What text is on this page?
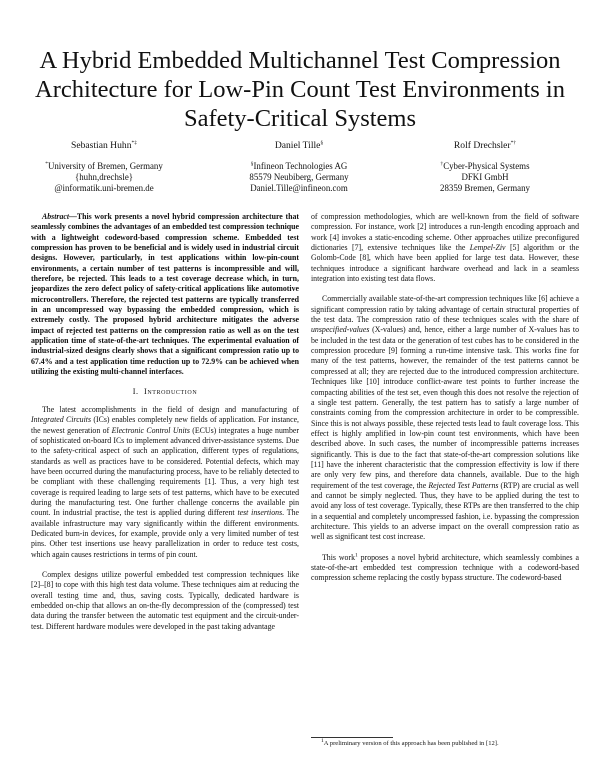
A Hybrid Embedded Multichannel Test Compression Architecture for Low-Pin Count Test Environments in Safety-Critical Systems
Sebastian Huhn*‡
*University of Bremen, Germany
{huhn,drechsle}
@informatik.uni-bremen.de
Daniel Tille§
§Infineon Technologies AG
85579 Neubiberg, Germany
Daniel.Tille@infineon.com
Rolf Drechsler*†
†Cyber-Physical Systems
DFKI GmbH
28359 Bremen, Germany

Abstract—This work presents a novel hybrid compression architecture that seamlessly combines the advantages of an embedded test compression technique with a lightweight codeword-based compression scheme. Embedded test compression has proven to be beneficial and is widely used in industrial circuit designs. However, particularly, in test applications within low-pin-count environments, a certain number of test patterns is incompressible and will, therefore, be rejected. This leads to a test coverage decrease which, in turn, jeopardizes the zero defect policy of safety-critical applications like automotive microcontrollers. Therefore, the rejected test patterns are typically transferred in an uncompressed way bypassing the embedded compression, which is extremely costly. The proposed hybrid architecture mitigates the adverse impact of rejected test patterns on the compression ratio as well as on the test application time of state-of-the-art techniques. The experimental evaluation of industrial-sized designs clearly shows that a significant compression ratio up to 67.4% and a test application time reduction up to 72.9% can be achieved when utilizing the existing multi-channel interfaces.

I. Introduction

The latest accomplishments in the field of design and manufacturing of Integrated Circuits (ICs) enables completely new fields of application. For instance, the newest generation of Electronic Control Units (ECUs) integrates a huge number of sophisticated on-board ICs to implement advanced driver-assistance systems. Due to the safety-critical aspect of such an application, different types of regulations, standards as well as practices have to be considered. Potential defects, which may have been occurred during the manufacturing process, have to be reliably detected to be compliant with these challenging requirements [1]. Thus, a very high test coverage is required leading to large sets of test patterns, which have to be executed during the manufacturing test. One further challenge concerns the available pin count. In industrial practise, the test is applied during different test insertions. The available infrastructure may vary significantly within the different environments. Dedicated burn-in devices, for example, provide only a very limited number of test pins. Other test insertions use heavy parallelization in order to reduce test costs, which again causes restrictions in terms of pin count.

Complex designs utilize powerful embedded test compression techniques like [2]–[8] to cope with this high test data volume. These techniques aim at reducing the overall testing time and, thus, saving costs. Typically, dedicated hardware is embedded on-chip that allows an on-the-fly decompression of the (compressed) test data during the transfer between the automatic test equipment and the circuit-under-test. Different hardware modules were developed in the past taking advantage

of compression methodologies, which are well-known from the field of software compression. For instance, work [2] introduces a run-length encoding approach and work [4] invokes a static-encoding scheme. Other approaches utilize preconfigured dictionaries [7], extensive techniques like the Lempel-Ziv [5] algorithm or the Golomb-Code [8], which have been applied for large test data. However, these techniques introduce a significant hardware overhead and lack in a seamless integration into existing test data flows.

Commercially available state-of-the-art compression techniques like [6] achieve a significant compression ratio by taking advantage of certain structural properties of the test data. The compression ratio of these techniques scales with the share of unspecified-values (X-values) and, hence, either a large number of X-values has to be included in the test data or the generation of test cubes has to be considered in the compression procedure [9] forming a run-time intensive task. This works fine for many of the test patterns, however, the remainder of the test patterns cannot be compressed at all; they are rejected due to the introduced compression architecture. Techniques like [10] introduce conflict-aware test points to further increase the compacting abilities of the test set, even though this does not resolve the rejection of a single test pattern. Generally, the test pattern has to satisfy a large number of constraints coming from the compression architecture in order to be compressible. Since this is not always possible, these rejected tests lead to fault coverage loss. This effect is highly amplified in low-pin count test environments, which have been described above. In such cases, the number of incompressible patterns increases significantly. This is due to the fact that state-of-the-art compression solutions like [11] have the inherent characteristic that the compression effectivity is low if there are only very few pins, and therefore data channels, available. Due to the high requirement of the test coverage, the Rejected Test Patterns (RTP) are crucial as well and cannot be simply neglected. Thus, they have to be applied during the test to avoid any loss of test coverage. Typically, these RTPs are then transferred to the chip in a sequential and completely uncompressed fashion, i.e. bypassing the compression architecture. This yields to an adverse impact on the overall compression ratio as well as significant test cost increase.

This work$^1$ proposes a novel hybrid architecture, which seamlessly combines a state-of-the-art embedded test compression technique with a codeword-based compression scheme replacing the costly bypass structure. The codeword-based

$^1$A preliminary version of this approach has been published in [12].
